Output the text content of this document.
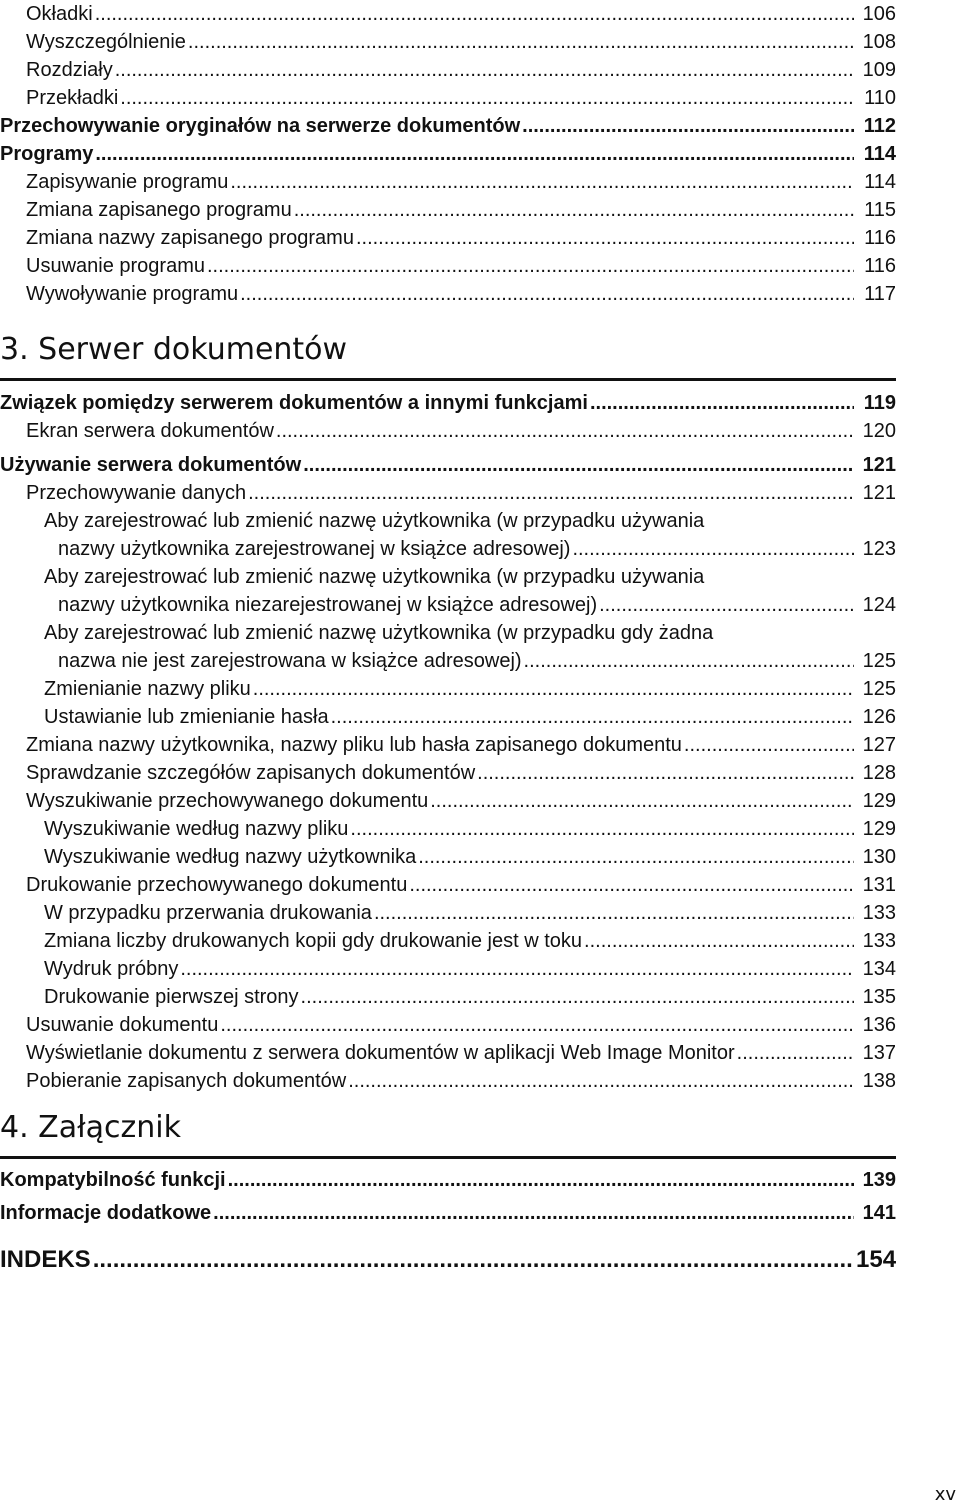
Okładki .....	106
Wyszczególnienie .....	108
Rozdziały .....	109
Przekładki .....	110
Przechowywanie oryginałów na serwerze dokumentów .....	112
Programy .....	114
Zapisywanie programu .....	114
Zmiana zapisanego programu .....	115
Zmiana nazwy zapisanego programu .....	116
Usuwanie programu .....	116
Wywoływanie programu .....	117
3. Serwer dokumentów
Związek pomiędzy serwerem dokumentów a innymi funkcjami .....	119
Ekran serwera dokumentów .....	120
Używanie serwera dokumentów .....	121
Przechowywanie danych .....	121
Aby zarejestrować lub zmienić nazwę użytkownika (w przypadku używania
nazwy użytkownika zarejestrowanej w książce adresowej) .....	123
Aby zarejestrować lub zmienić nazwę użytkownika (w przypadku używania
nazwy użytkownika niezarejestrowanej w książce adresowej) .....	124
Aby zarejestrować lub zmienić nazwę użytkownika (w przypadku gdy żadna
nazwa nie jest zarejestrowana w książce adresowej) .....	125
Zmienianie nazwy pliku .....	125
Ustawianie lub zmienianie hasła .....	126
Zmiana nazwy użytkownika, nazwy pliku lub hasła zapisanego dokumentu .....	127
Sprawdzanie szczegółów zapisanych dokumentów .....	128
Wyszukiwanie przechowywanego dokumentu .....	129
Wyszukiwanie według nazwy pliku .....	129
Wyszukiwanie według nazwy użytkownika .....	130
Drukowanie przechowywanego dokumentu .....	131
W przypadku przerwania drukowania .....	133
Zmiana liczby drukowanych kopii gdy drukowanie jest w toku .....	133
Wydruk próbny .....	134
Drukowanie pierwszej strony .....	135
Usuwanie dokumentu .....	136
Wyświetlanie dokumentu z serwera dokumentów w aplikacji Web Image Monitor .....	137
Pobieranie zapisanych dokumentów .....	138
4. Załącznik
Kompatybilność funkcji .....	139
Informacje dodatkowe .....	141
INDEKS .....	154
xv
